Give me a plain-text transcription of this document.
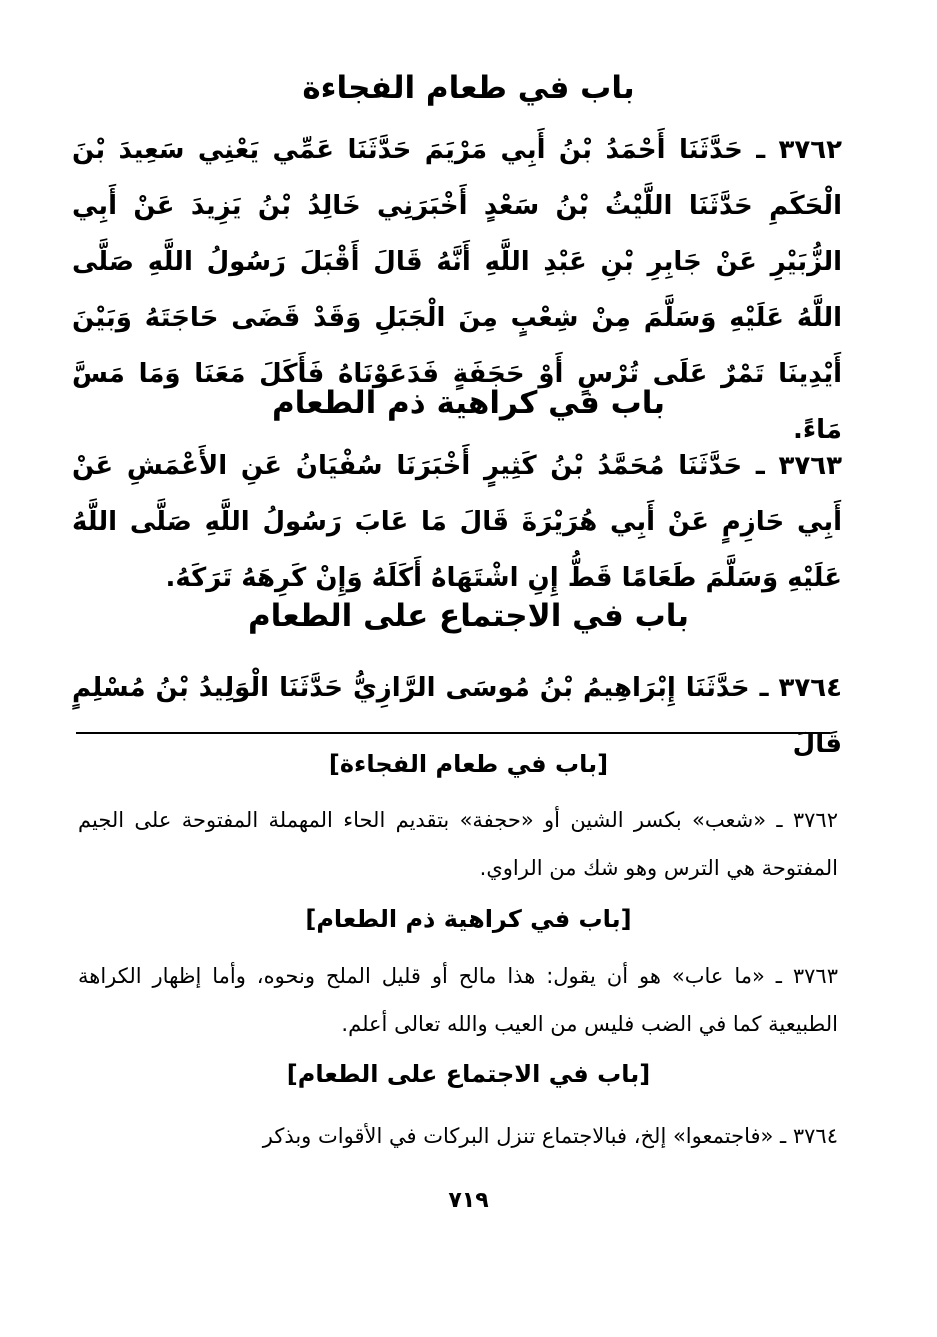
باب في طعام الفجاءة

٣٧٦٢ ـ حَدَّثَنَا أَحْمَدُ بْنُ أَبِي مَرْيَمَ حَدَّثَنَا عَمِّي يَعْنِي سَعِيدَ بْنَ الْحَكَمِ حَدَّثَنَا اللَّيْثُ بْنُ سَعْدٍ أَخْبَرَنِي خَالِدُ بْنُ يَزِيدَ عَنْ أَبِي الزُّبَيْرِ عَنْ جَابِرِ بْنِ عَبْدِ اللَّهِ أَنَّهُ قَالَ أَقْبَلَ رَسُولُ اللَّهِ صَلَّى اللَّهُ عَلَيْهِ وَسَلَّمَ مِنْ شِعْبٍ مِنَ الْجَبَلِ وَقَدْ قَضَى حَاجَتَهُ وَبَيْنَ أَيْدِينَا تَمْرٌ عَلَى تُرْسٍ أَوْ حَجَفَةٍ فَدَعَوْنَاهُ فَأَكَلَ مَعَنَا وَمَا مَسَّ مَاءً.

باب في كراهية ذم الطعام

٣٧٦٣ ـ حَدَّثَنَا مُحَمَّدُ بْنُ كَثِيرٍ أَخْبَرَنَا سُفْيَانُ عَنِ الأَعْمَشِ عَنْ أَبِي حَازِمٍ عَنْ أَبِي هُرَيْرَةَ قَالَ مَا عَابَ رَسُولُ اللَّهِ صَلَّى اللَّهُ عَلَيْهِ وَسَلَّمَ طَعَامًا قَطُّ إِنِ اشْتَهَاهُ أَكَلَهُ وَإِنْ كَرِهَهُ تَرَكَهُ.

باب في الاجتماع على الطعام

٣٧٦٤ ـ حَدَّثَنَا إِبْرَاهِيمُ بْنُ مُوسَى الرَّازِيُّ حَدَّثَنَا الْوَلِيدُ بْنُ مُسْلِمٍ قَالَ

[باب في طعام الفجاءة]

٣٧٦٢ ـ «شعب» بكسر الشين أو «حجفة» بتقديم الحاء المهملة المفتوحة على الجيم المفتوحة هي الترس وهو شك من الراوي.

[باب في كراهية ذم الطعام]

٣٧٦٣ ـ «ما عاب» هو أن يقول: هذا مالح أو قليل الملح ونحوه، وأما إظهار الكراهة الطبيعية كما في الضب فليس من العيب والله تعالى أعلم.

[باب في الاجتماع على الطعام]

٣٧٦٤ ـ «فاجتمعوا» إلخ، فبالاجتماع تنزل البركات في الأقوات وبذكر

٧١٩
